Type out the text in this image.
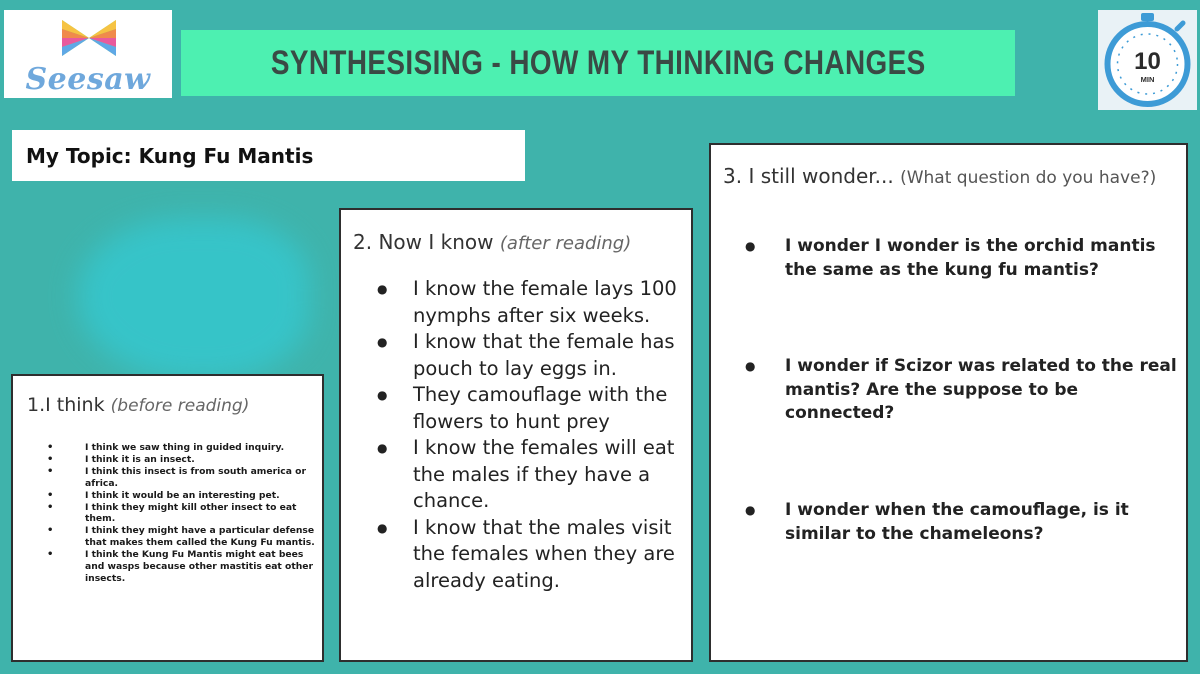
Seesaw	SYNTHESISING - HOW MY THINKING CHANGES	10
MIN
My Topic: Kung Fu Mantis
1.I think (before reading)
• I think we saw thing in guided inquiry.
• I think it is an insect.
• I think this insect is from south america or africa.
• I think it would be an interesting pet.
• I think they might kill other insect to eat them.
• I think they might have a particular defense that makes them called the Kung Fu mantis.
• I think the Kung Fu Mantis might eat bees and wasps because other mastitis eat other insects.
2. Now I know (after reading)
● I know the female lays 100 nymphs after six weeks.
● I know that the female has pouch to lay eggs in.
● They camouflage with the flowers to hunt prey
● I know the females will eat the males if they have a chance.
● I know that the males visit the females when they are already eating.
3. I still wonder... (What question do you have?)
● I wonder I wonder is the orchid mantis the same as the kung fu mantis?
● I wonder if Scizor was related to the real mantis? Are the suppose to be connected?
● I wonder when the camouflage, is it similar to the chameleons?
